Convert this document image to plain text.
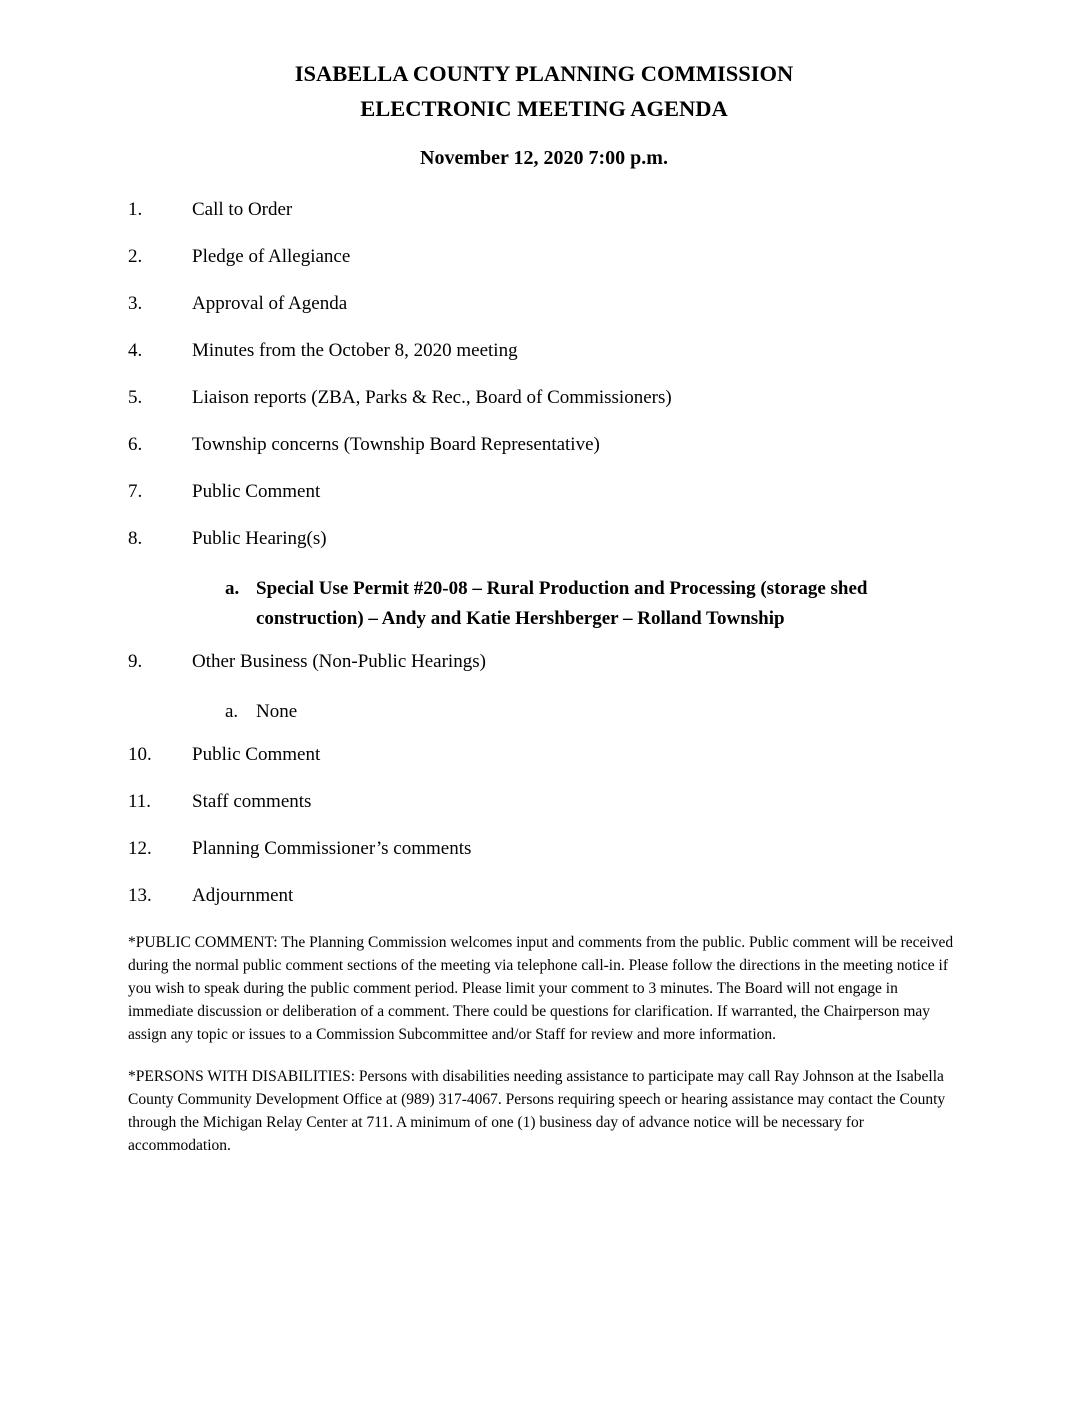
ISABELLA COUNTY PLANNING COMMISSION
ELECTRONIC MEETING AGENDA
November 12, 2020 7:00 p.m.
1.	Call to Order
2.	Pledge of Allegiance
3.	Approval of Agenda
4.	Minutes from the October 8, 2020 meeting
5.	Liaison reports (ZBA, Parks & Rec., Board of Commissioners)
6.	Township concerns (Township Board Representative)
7.	Public Comment
8.	Public Hearing(s)
a. Special Use Permit #20-08 – Rural Production and Processing (storage shed construction) – Andy and Katie Hershberger – Rolland Township
9.	Other Business (Non-Public Hearings)
a. None
10.	Public Comment
11.	Staff comments
12.	Planning Commissioner’s comments
13.	Adjournment

*PUBLIC COMMENT: The Planning Commission welcomes input and comments from the public. Public comment will be received during the normal public comment sections of the meeting via telephone call-in. Please follow the directions in the meeting notice if you wish to speak during the public comment period. Please limit your comment to 3 minutes. The Board will not engage in immediate discussion or deliberation of a comment. There could be questions for clarification. If warranted, the Chairperson may assign any topic or issues to a Commission Subcommittee and/or Staff for review and more information.

*PERSONS WITH DISABILITIES: Persons with disabilities needing assistance to participate may call Ray Johnson at the Isabella County Community Development Office at (989) 317-4067. Persons requiring speech or hearing assistance may contact the County through the Michigan Relay Center at 711. A minimum of one (1) business day of advance notice will be necessary for accommodation.
